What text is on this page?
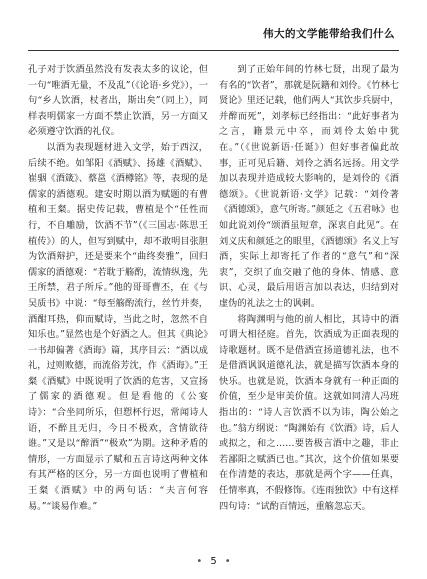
伟大的文学能带给我们什么

孔子对于饮酒虽然没有发表太多的议论，但一句“唯酒无量，不及乱”（《论语·乡党》），一句“乡人饮酒，杖者出，斯出矣”（同上），同样表明儒家一方面不禁止饮酒，另一方面又必须遵守饮酒的礼仪。

以酒为表现题材进入文学，始于西汉，后续不绝。如邹阳《酒赋》、扬雄《酒赋》、崔骃《酒箴》、蔡邕《酒樽铭》等，表现的是儒家的酒德观。建安时期以酒为赋题的有曹植和王粲。据史传记载，曹植是个“任性而行，不自雕励，饮酒不节”（《三国志·陈思王植传》）的人，但写到赋中，却不敢明目张胆为饮酒辩护，还是要来个“曲终奏雅”，回归儒家的酒德观：“若耽于觞酌，流情纵逸，先王所禁，君子所斥。”他的哥哥曹丕，在《与吴质书》中说：“每至觞酌流行，丝竹并奏，酒酣耳热，仰而赋诗，当此之时，忽然不自知乐也。”显然也是个好酒之人。但其《典论》一书却偏著《酒诲》篇，其序目云：“酒以成礼，过则败德，而流俗芳沈，作《酒诲》。”王粲《酒赋》中既说明了饮酒的危害，又宣扬了儒家的酒德观。但是看他的《公宴诗》：“合坐同所乐，但愬杯行迟，常闻诗人语，不醉且无归，今日不极欢，含情欲待谁。”又是以“醉酒”“极欢”为期。这种矛盾的情形，一方面显示了赋和五言诗这两种文体有其严格的区分，另一方面也说明了曹植和王粲《酒赋》中的两句话：“夫言何容易。”“谈易作难。”

到了正始年间的竹林七贤，出现了最为有名的“饮者”，那就是阮籍和刘伶。《竹林七贤论》里还记载，他们两人“其饮步兵厨中，并醉而死”，刘孝标已经指出：“此好事者为之言，籍景元中卒，而刘伶太始中犹在。”（《世说新语·任诞》）但好事者偏此故事，正可见后籍、刘伶之酒名远扬。用文学加以表现并造成较大影响的，是刘伶的《酒德颂》。《世说新语·文学》记载：“刘伶著《酒德颂》，意气所寄。”颜延之《五君咏》也如此说刘伶“颂酒虽短章，深衷自此见”。在刘义庆和颜延之的眼里，《酒德颂》名义上写酒，实际上却寄托了作者的“意气”和“深衷”，交织了血交融了他的身体、情感、意识、心灵，最后用语言加以表达，归结到对虚伪的礼法之士的讽刺。

将陶渊明与他的前人相比，其诗中的酒可谓大相径庭。首先，饮酒成为正面表现的诗歌题材。既不是借酒宣扬道德礼法，也不是借酒讽讽道德礼法，就是描写饮酒本身的快乐。也就是说，饮酒本身就有一种正面的价值，至少是审美价值。这就如同清人冯班指出的：“诗人言饮酒不以为讳，陶公始之也。”翁方纲说：“陶渊始有《饮酒》诗，后人或拟之，和之……要皆极言酒中之趣，非止若鄙阳之赋酒已也。”其次，这个价值如果要在作清楚的表达，那就是两个字——任真，任情率真，不假修饰。《连雨独饮》中有这样四句诗：“试酌百情远，重觞忽忘天。

• 5 •
